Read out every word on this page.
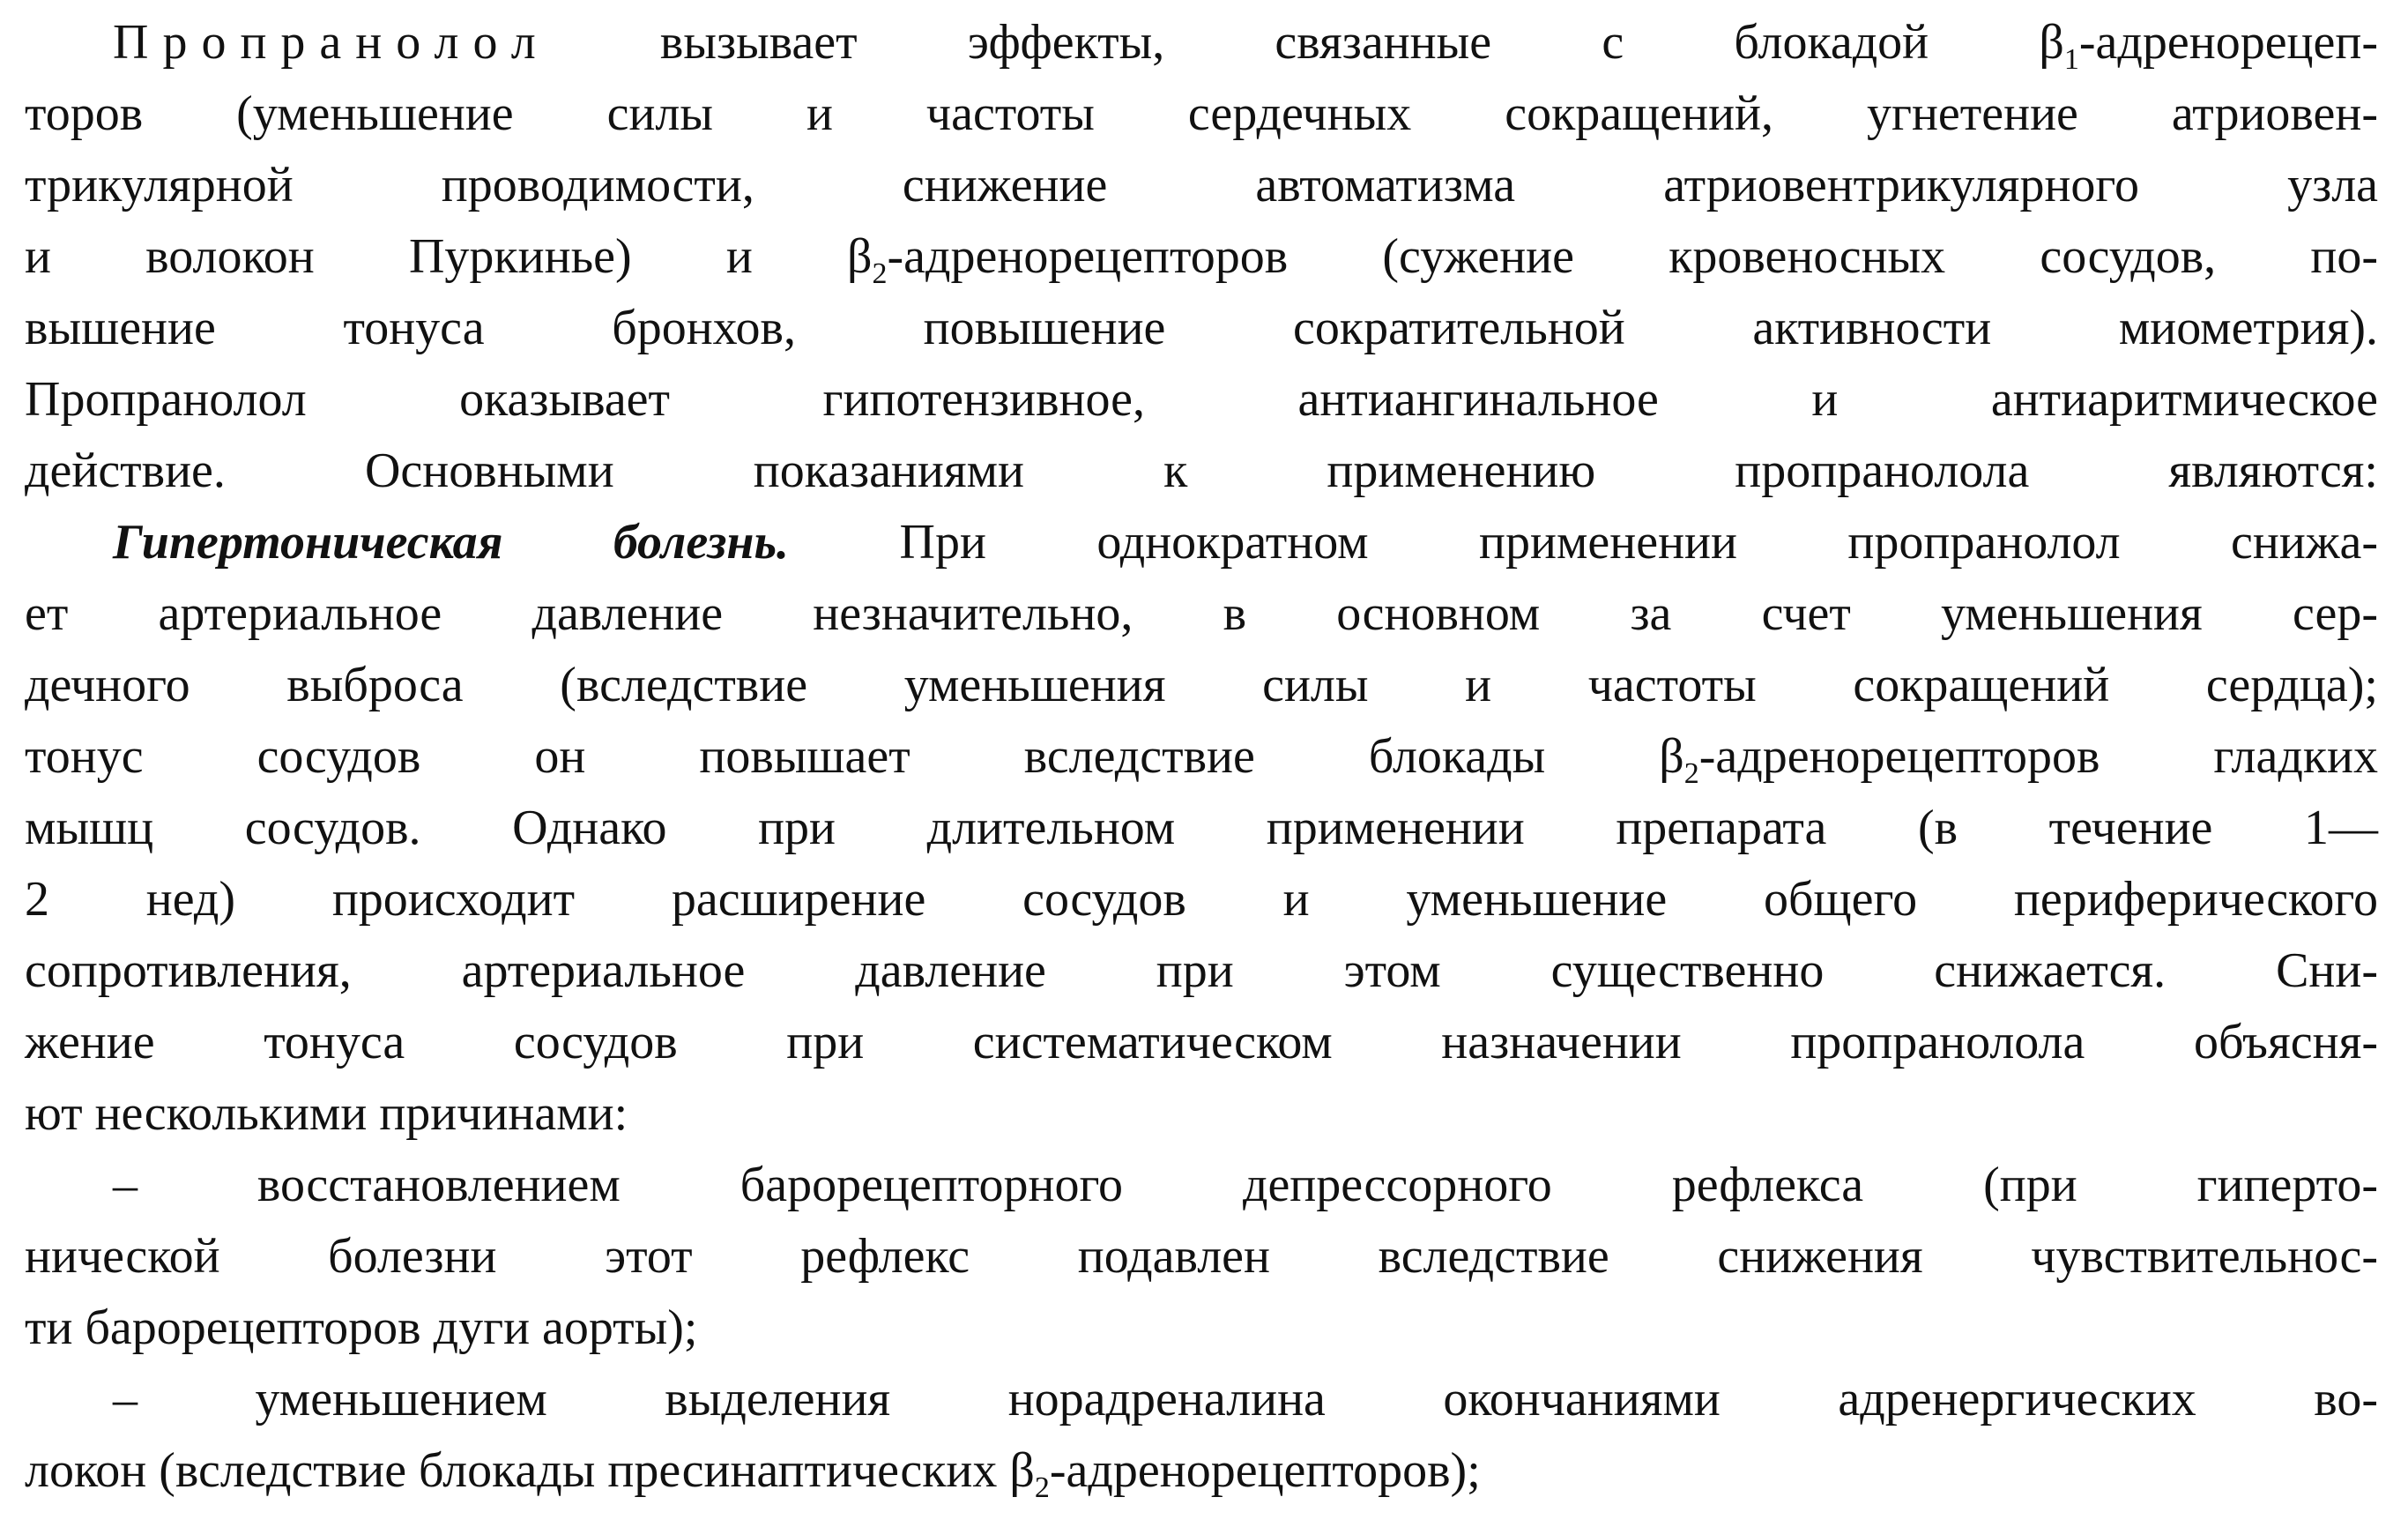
Пропранолол вызывает эффекты, связанные с блокадой $\beta_1-адренорецеп-$
торов (уменьшение силы и частоты сердечных сокращений, угнетение атриовен-
трикулярной проводимости, снижение автоматизма атриовентрикулярного узла
и волокон Пуркинье) и $\beta_2$-адренорецепторов (сужение кровеносных сосудов, по-
вышение тонуса бронхов, повышение сократительной активности миометрия).
Пропранолол оказывает гипотензивное, антиангинальное и антиаритмическое
действие. Основными показаниями к применению пропранолола являются:
Гипертоническая болезнь. При однократном применении пропранолол снижа-
ет артериальное давление незначительно, в основном за счет уменьшения сер-
дечного выброса (вследствие уменьшения силы и частоты сокращений сердца);
тонус сосудов он повышает вследствие блокады $\beta_2$-адренорецепторов гладких
мышц сосудов. Однако при длительном применении препарата (в течение 1—
2 нед) происходит расширение сосудов и уменьшение общего периферического
сопротивления, артериальное давление при этом существенно снижается. Сни-
жение тонуса сосудов при систематическом назначении пропранолола объясня-
ют несколькими причинами:
– восстановлением барорецепторного депрессорного рефлекса (при гиперто-
нической болезни этот рефлекс подавлен вследствие снижения чувствительнос-
ти барорецепторов дуги аорты);
– уменьшением выделения норадреналина окончаниями адренергических во-
локон (вследствие блокады пресинаптических $\beta_2-адренорецепторов$);
